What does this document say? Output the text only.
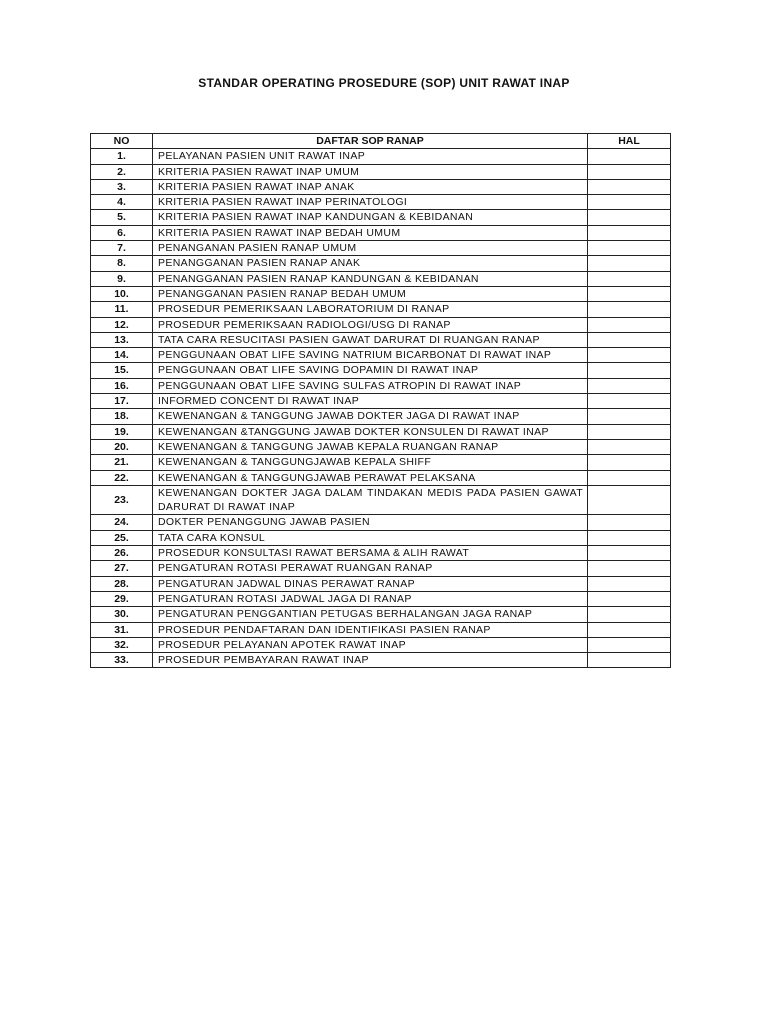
STANDAR OPERATING PROSEDURE (SOP) UNIT RAWAT INAP
NO	DAFTAR SOP RANAP	HAL
1.	PELAYANAN PASIEN UNIT RAWAT INAP	
2.	KRITERIA PASIEN RAWAT INAP UMUM	
3.	KRITERIA PASIEN RAWAT INAP ANAK	
4.	KRITERIA PASIEN RAWAT INAP PERINATOLOGI	
5.	KRITERIA PASIEN RAWAT INAP KANDUNGAN & KEBIDANAN	
6.	KRITERIA PASIEN RAWAT INAP BEDAH UMUM	
7.	PENANGANAN PASIEN RANAP UMUM	
8.	PENANGGANAN PASIEN RANAP ANAK	
9.	PENANGGANAN PASIEN RANAP KANDUNGAN & KEBIDANAN	
10.	PENANGGANAN PASIEN RANAP BEDAH UMUM	
11.	PROSEDUR PEMERIKSAAN LABORATORIUM DI RANAP	
12.	PROSEDUR PEMERIKSAAN RADIOLOGI/USG DI RANAP	
13.	TATA CARA RESUCITASI PASIEN GAWAT DARURAT DI RUANGAN RANAP	
14.	PENGGUNAAN OBAT LIFE SAVING NATRIUM BICARBONAT DI RAWAT INAP	
15.	PENGGUNAAN OBAT LIFE SAVING DOPAMIN DI RAWAT INAP	
16.	PENGGUNAAN OBAT LIFE SAVING SULFAS ATROPIN DI RAWAT INAP	
17.	INFORMED CONCENT DI RAWAT INAP	
18.	KEWENANGAN & TANGGUNG JAWAB DOKTER JAGA DI RAWAT INAP	
19.	KEWENANGAN &TANGGUNG JAWAB DOKTER KONSULEN DI RAWAT INAP	
20.	KEWENANGAN & TANGGUNG JAWAB KEPALA RUANGAN RANAP	
21.	KEWENANGAN & TANGGUNGJAWAB KEPALA SHIFF	
22.	KEWENANGAN & TANGGUNGJAWAB PERAWAT PELAKSANA	
23.	KEWENANGAN DOKTER JAGA DALAM TINDAKAN MEDIS PADA PASIEN GAWAT DARURAT DI RAWAT INAP	
24.	DOKTER PENANGGUNG JAWAB PASIEN	
25.	TATA CARA KONSUL	
26.	PROSEDUR KONSULTASI RAWAT BERSAMA & ALIH RAWAT	
27.	PENGATURAN ROTASI PERAWAT RUANGAN RANAP	
28.	PENGATURAN JADWAL DINAS PERAWAT RANAP	
29.	PENGATURAN ROTASI JADWAL JAGA DI RANAP	
30.	PENGATURAN PENGGANTIAN PETUGAS BERHALANGAN JAGA RANAP	
31.	PROSEDUR PENDAFTARAN DAN IDENTIFIKASI PASIEN RANAP	
32.	PROSEDUR PELAYANAN APOTEK RAWAT INAP	
33.	PROSEDUR PEMBAYARAN RAWAT INAP	
